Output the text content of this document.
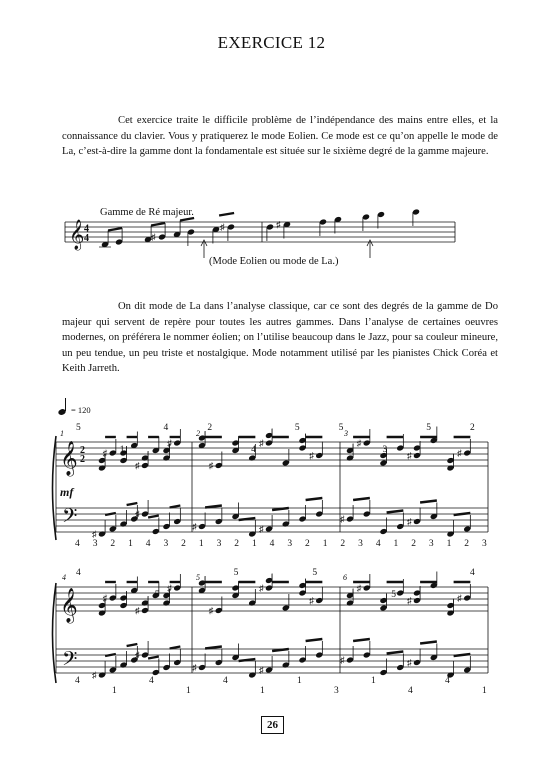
EXERCICE 12

Cet exercice traite le difficile problème de l’indépendance des mains entre elles, et la connaissance du clavier. Vous y pratiquerez le mode Eolien. Ce mode est ce qu’on appelle le mode de La, c’est-à-dire la gamme dont la fondamentale est située sur le sixième degré de la gamme majeure.

Gamme de Ré majeur.
𝄞 4
4	♯
♯	♯
(Mode Eolien ou mode de La.)

On dit mode de La dans l’analyse classique, car ce sont des degrés de la gamme de Do majeur qui servent de repère pour toutes les autres gammes. Dans l’analyse de certaines oeuvres modernes, on préférera le nommer éolien; on l’utilise beaucoup dans le Jazz, pour sa couleur mineure, un peu tendue, un peu triste et nostalgique. Mode notamment utilisé par les pianistes Chick Coréa et Keith Jarreth.

= 120
𝄞
𝄢
2
2
1	2	3
mf
♯
♯
♯
♯
♯
♯
♯
♯	♯
♯
♯
♯	♯
♯	♯
5
1
4	2
4
5	5
3
5	2
4 3 2 1 4 3 2 1 3 2 1 4 3 2 1 2 3 4 1 2 3 1 2 3
𝄞
𝄢
4	5	6
♯
♯
♯
♯
♯
♯
♯
♯	♯
♯
♯
♯	♯
♯	♯
4
5
5	5
5
4
4
1
4
1
4
1
1
3
1
4
4
1
26
